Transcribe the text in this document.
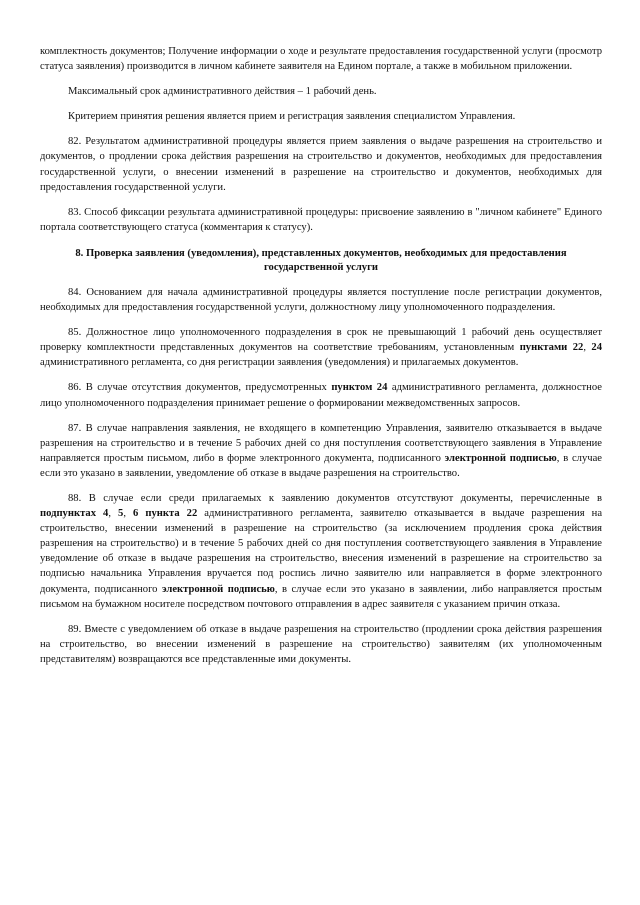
комплектность документов; Получение информации о ходе и результате предоставления государственной услуги (просмотр статуса заявления) производится в личном кабинете заявителя на Едином портале, а также в мобильном приложении.

Максимальный срок административного действия – 1 рабочий день.

Критерием принятия решения является прием и регистрация заявления специалистом Управления.

82. Результатом административной процедуры является прием заявления о выдаче разрешения на строительство и документов, о продлении срока действия разрешения на строительство и документов, необходимых для предоставления государственной услуги, о внесении изменений в разрешение на строительство и документов, необходимых для предоставления государственной услуги.

83. Способ фиксации результата административной процедуры: присвоение заявлению в "личном кабинете" Единого портала соответствующего статуса (комментария к статусу).

8. Проверка заявления (уведомления), представленных документов, необходимых для предоставления государственной услуги

84. Основанием для начала административной процедуры является поступление после регистрации документов, необходимых для предоставления государственной услуги, должностному лицу уполномоченного подразделения.

85. Должностное лицо уполномоченного подразделения в срок не превышающий 1 рабочий день осуществляет проверку комплектности представленных документов на соответствие требованиям, установленным пунктами 22, 24 административного регламента, со дня регистрации заявления (уведомления) и прилагаемых документов.

86. В случае отсутствия документов, предусмотренных пунктом 24 административного регламента, должностное лицо уполномоченного подразделения принимает решение о формировании межведомственных запросов.

87. В случае направления заявления, не входящего в компетенцию Управления, заявителю отказывается в выдаче разрешения на строительство и в течение 5 рабочих дней со дня поступления соответствующего заявления в Управление направляется простым письмом, либо в форме электронного документа, подписанного электронной подписью, в случае если это указано в заявлении, уведомление об отказе в выдаче разрешения на строительство.

88. В случае если среди прилагаемых к заявлению документов отсутствуют документы, перечисленные в подпунктах 4, 5, 6 пункта 22 административного регламента, заявителю отказывается в выдаче разрешения на строительство, внесении изменений в разрешение на строительство (за исключением продления срока действия разрешения на строительство) и в течение 5 рабочих дней со дня поступления соответствующего заявления в Управление уведомление об отказе в выдаче разрешения на строительство, внесения изменений в разрешение на строительство за подписью начальника Управления вручается под роспись лично заявителю или направляется в форме электронного документа, подписанного электронной подписью, в случае если это указано в заявлении, либо направляется простым письмом на бумажном носителе посредством почтового отправления в адрес заявителя с указанием причин отказа.

89. Вместе с уведомлением об отказе в выдаче разрешения на строительство (продлении срока действия разрешения на строительство, во внесении изменений в разрешение на строительство) заявителям (их уполномоченным представителям) возвращаются все представленные ими документы.
